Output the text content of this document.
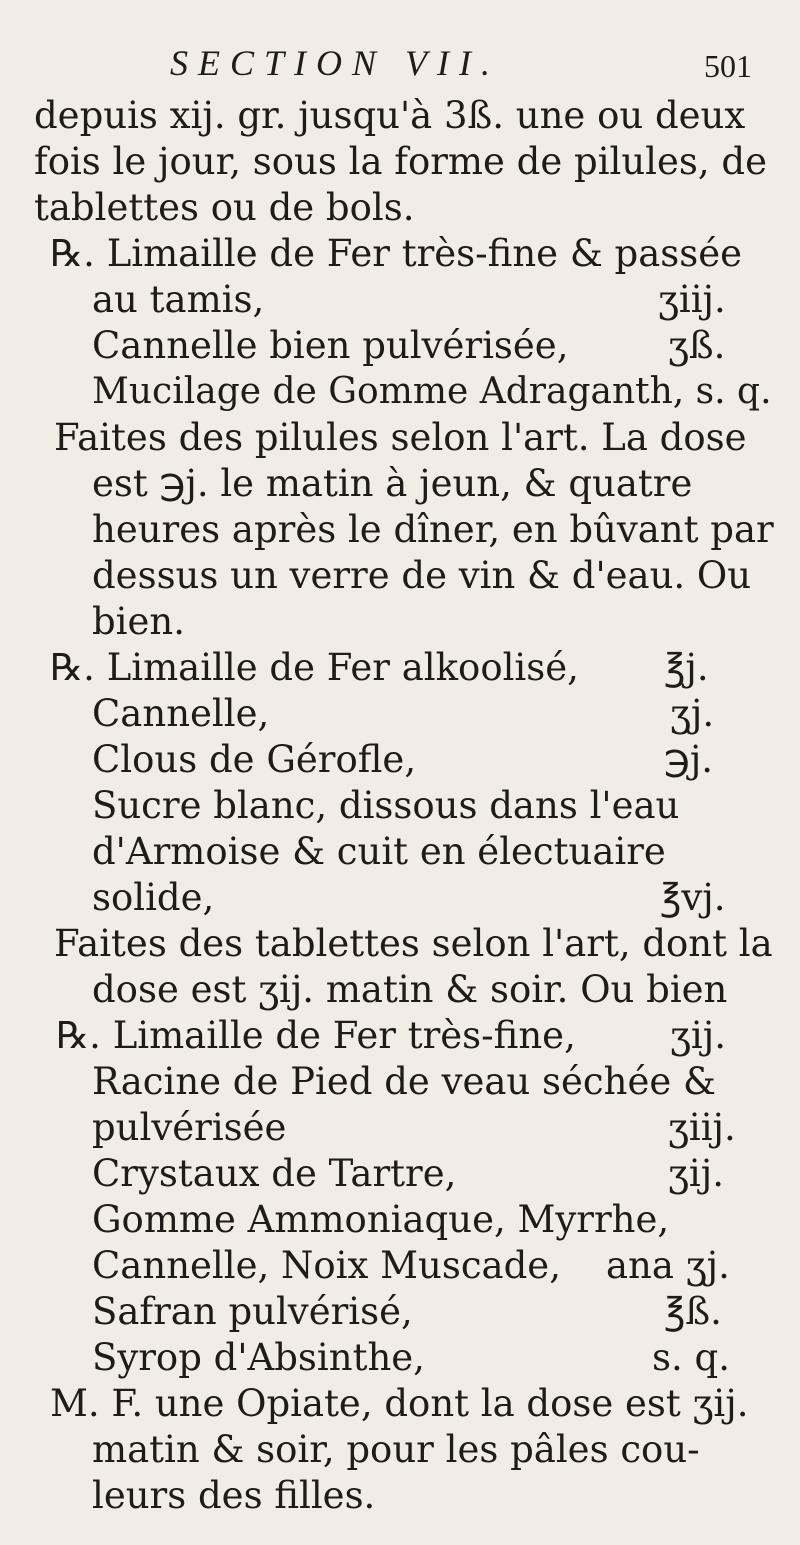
SECTION VII.	501
depuis xij. gr. jusqu'à 3ß. une ou deux
fois le jour, sous la forme de pilules, de
tablettes ou de bols.
℞. Limaille de Fer très-fine & passée
au tamis,	ʒiij.
Cannelle bien pulvérisée,	ʒß.
Mucilage de Gomme Adraganth, s. q.
Faites des pilules selon l'art. La dose
est ℈j. le matin à jeun, & quatre
heures après le dîner, en bûvant par
dessus un verre de vin & d'eau. Ou
bien.
℞. Limaille de Fer alkoolisé, ℥j.
Cannelle,	ʒj.
Clous de Gérofle,	℈j.
Sucre blanc, dissous dans l'eau
d'Armoise & cuit en électuaire
solide,	℥vj.
Faites des tablettes selon l'art, dont la
dose est ʒij. matin & soir. Ou bien
℞. Limaille de Fer très-fine,	ʒij.
Racine de Pied de veau séchée &
pulvérisée	ʒiij.
Crystaux de Tartre,	ʒij.
Gomme Ammoniaque, Myrrhe,
Cannelle, Noix Muscade, ana ʒj.
Safran pulvérisé,	℥ß.
Syrop d'Absinthe,	s. q.
M. F. une Opiate, dont la dose est ʒij.
matin & soir, pour les pâles cou-
leurs des filles.
